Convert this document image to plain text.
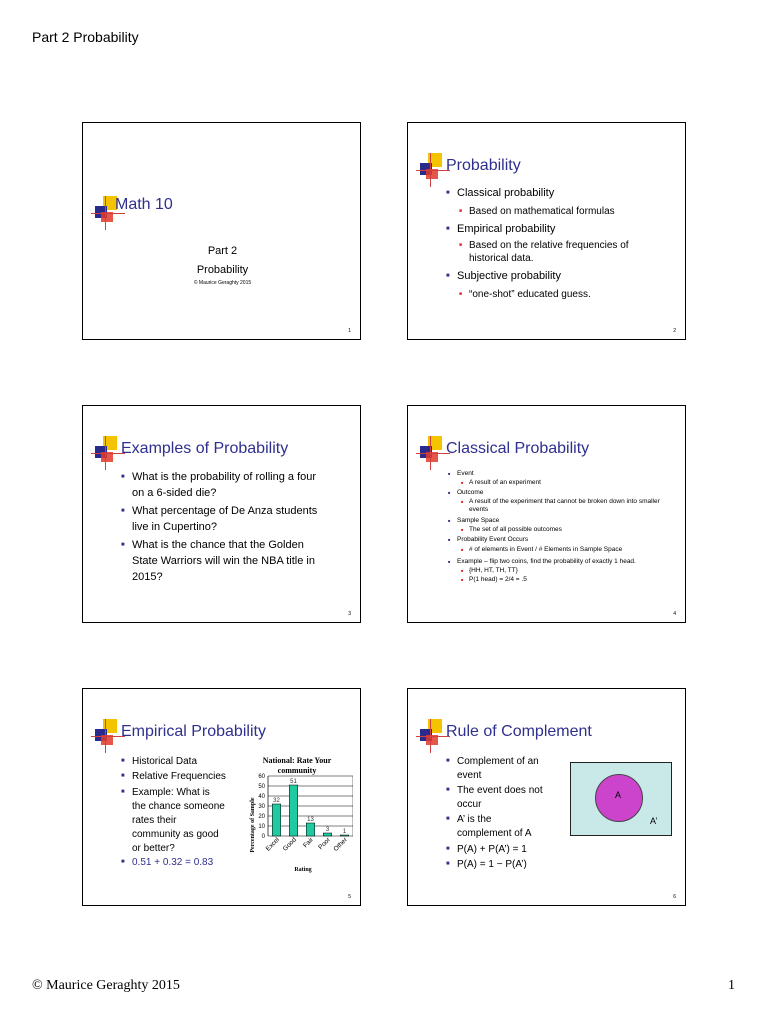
Part 2 Probability
Math 10
Part 2
Probability
© Maurice Geraghty 2015
1
Probability
■ Classical probability
■ Based on mathematical formulas
■ Empirical probability
■ Based on the relative frequencies of
historical data.
■ Subjective probability
■ “one-shot” educated guess.
2
Examples of Probability
■ What is the probability of rolling a four
on a 6-sided die?
■ What percentage of De Anza students
live in Cupertino?
■ What is the chance that the Golden
State Warriors will win the NBA title in
2015?
3
Classical Probability
■ Event
■ A result of an experiment
■ Outcome
■ A result of the experiment that cannot be broken down into smaller
events
■ Sample Space
■ The set of all possible outcomes
■ Probability Event Occurs
■ # of elements in Event / # Elements in Sample Space
■ Example – flip two coins, find the probability of exactly 1 head.
■ {HH, HT, TH, TT}
■ P(1 head) = 2/4 = .5
4
Empirical Probability
■ Historical Data
■ Relative Frequencies
■ Example: What is
the chance someone
rates their
community as good
or better?
■ 0.51 + 0.32 = 0.83
National: Rate Your
community
0
10
20
30
40
50
60
32
51
13
3 1
Excel Good Fair Poor Other
Rating
Percentage of Sample
5
Rule of Complement
■ Complement of an
event
■ The event does not
occur
■ A’ is the
complement of A
■ P(A) + P(A’) = 1
■ P(A) = 1 − P(A’)
A
A’
6
© Maurice Geraghty 2015	1
